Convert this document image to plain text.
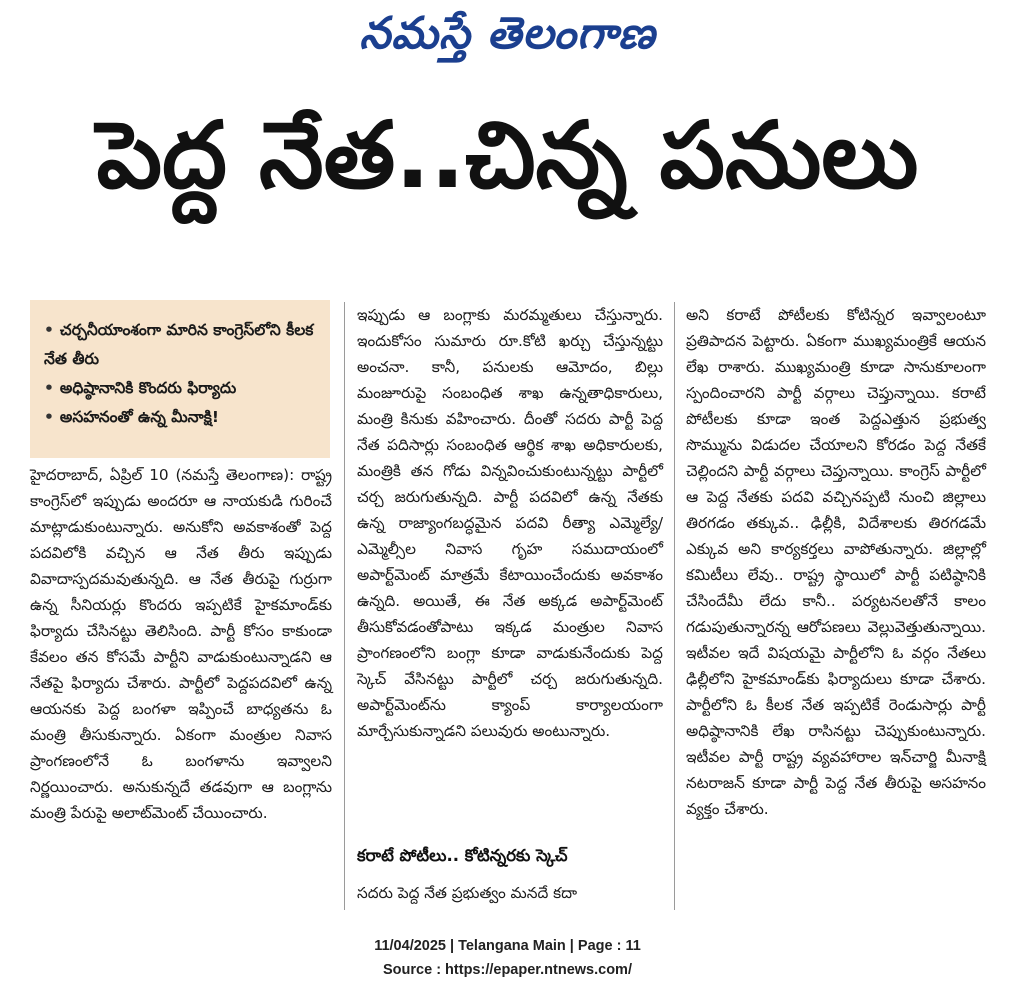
నమస్తే తెలంగాణ
పెద్ద నేత..చిన్న పనులు
• చర్చనీయాంశంగా మారిన కాంగ్రెస్‌లోని కీలక నేత తీరు
• అధిష్ఠానానికి కొందరు ఫిర్యాదు
• అసహనంతో ఉన్న మీనాక్షి!

హైదరాబాద్, ఏప్రిల్ 10 (నమస్తే తెలంగాణ): రాష్ట్ర కాంగ్రెస్‌లో ఇప్పుడు అందరూ ఆ నాయకుడి గురించే మాట్లాడుకుంటున్నారు. అనుకోని అవకాశంతో పెద్ద పదవిలోకి వచ్చిన ఆ నేత తీరు ఇప్పుడు వివాదాస్పదమవుతున్నది. ఆ నేత తీరుపై గుర్రుగా ఉన్న సీనియర్లు కొందరు ఇప్పటికే హైకమాండ్‌కు ఫిర్యాదు చేసినట్టు తెలిసింది. పార్టీ కోసం కాకుండా కేవలం తన కోసమే పార్టీని వాడుకుంటున్నాడని ఆ నేతపై ఫిర్యాదు చేశారు. పార్టీలో పెద్దపదవిలో ఉన్న ఆయనకు పెద్ద బంగళా ఇప్పించే బాధ్యతను ఓ మంత్రి తీసుకున్నారు. ఏకంగా మంత్రుల నివాస ప్రాంగణంలోనే ఓ బంగళాను ఇవ్వాలని నిర్ణయించారు. అనుకున్నదే తడవుగా ఆ బంగ్లాను మంత్రి పేరుపై అలాట్‌మెంట్ చేయించారు.

ఇప్పుడు ఆ బంగ్లాకు మరమ్మతులు చేస్తున్నారు. ఇందుకోసం సుమారు రూ.కోటి ఖర్చు చేస్తున్నట్టు అంచనా. కానీ, పనులకు ఆమోదం, బిల్లు మంజూరుపై సంబంధిత శాఖ ఉన్నతాధికారులు, మంత్రి కినుకు వహించారు. దీంతో సదరు పార్టీ పెద్ద నేత పదిసార్లు సంబంధిత ఆర్థిక శాఖ అధికారులకు, మంత్రికి తన గోడు విన్నవించుకుంటున్నట్టు పార్టీలో చర్చ జరుగుతున్నది. పార్టీ పదవిలో ఉన్న నేతకు ఉన్న రాజ్యాంగబద్ధమైన పదవి రీత్యా ఎమ్మెల్యే/ఎమ్మెల్సీల నివాస గృహ సముదాయంలో అపార్ట్‌మెంట్ మాత్రమే కేటాయించేందుకు అవకాశం ఉన్నది. అయితే, ఈ నేత అక్కడ అపార్ట్‌మెంట్ తీసుకోవడంతోపాటు ఇక్కడ మంత్రుల నివాస ప్రాంగణంలోని బంగ్లా కూడా వాడుకునేందుకు పెద్ద స్కెచ్ వేసినట్టు పార్టీలో చర్చ జరుగుతున్నది. అపార్ట్‌మెంట్‌ను క్యాంప్ కార్యాలయంగా మార్చేసుకున్నాడని పలువురు అంటున్నారు.

కరాటే పోటీలు.. కోటిన్నరకు స్కెచ్

సదరు పెద్ద నేత ప్రభుత్వం మనదే కదా

అని కరాటే పోటీలకు కోటిన్నర ఇవ్వాలంటూ ప్రతిపాదన పెట్టారు. ఏకంగా ముఖ్యమంత్రికే ఆయన లేఖ రాశారు. ముఖ్యమంత్రి కూడా సానుకూలంగా స్పందించారని పార్టీ వర్గాలు చెప్తున్నాయి. కరాటే పోటీలకు కూడా ఇంత పెద్దఎత్తున ప్రభుత్వ సొమ్మును విడుదల చేయాలని కోరడం పెద్ద నేతకే చెల్లిందని పార్టీ వర్గాలు చెప్తున్నాయి. కాంగ్రెస్ పార్టీలో ఆ పెద్ద నేతకు పదవి వచ్చినప్పటి నుంచి జిల్లాలు తిరగడం తక్కువ.. ఢిల్లీకి, విదేశాలకు తిరగడమే ఎక్కువ అని కార్యకర్తలు వాపోతున్నారు. జిల్లాల్లో కమిటీలు లేవు.. రాష్ట్ర స్థాయిలో పార్టీ పటిష్ఠానికి చేసిందేమీ లేదు కానీ.. పర్యటనలతోనే కాలం గడుపుతున్నారన్న ఆరోపణలు వెల్లువెత్తుతున్నాయి. ఇటీవల ఇదే విషయమై పార్టీలోని ఓ వర్గం నేతలు ఢిల్లీలోని హైకమాండ్‌కు ఫిర్యాదులు కూడా చేశారు. పార్టీలోని ఓ కీలక నేత ఇప్పటికే రెండుసార్లు పార్టీ అధిష్ఠానానికి లేఖ రాసినట్టు చెప్పుకుంటున్నారు. ఇటీవల పార్టీ రాష్ట్ర వ్యవహారాల ఇన్‌చార్జి మీనాక్షి నటరాజన్ కూడా పార్టీ పెద్ద నేత తీరుపై అసహనం వ్యక్తం చేశారు.

11/04/2025 | Telangana Main | Page : 11
Source : https://epaper.ntnews.com/
